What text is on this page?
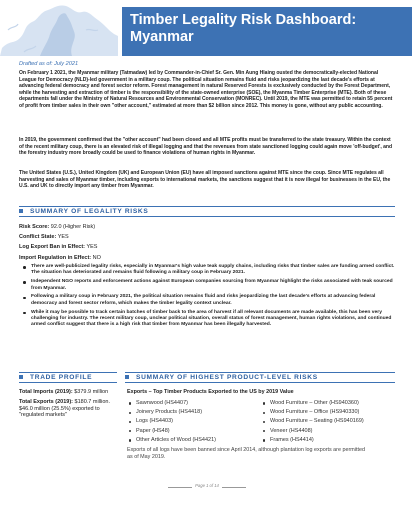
Timber Legality Risk Dashboard: Myanmar
Drafted as of: July 2021
On February 1 2021, the Myanmar military (Tatmadaw) led by Commander-in-Chief Sr. Gen. Min Aung Hlaing ousted the democratically-elected National League for Democracy (NLD)-led government in a military coup. The political situation remains fluid and risks jeopardizing the last decade's efforts at advancing federal democracy and forest sector reform. Forest management in natural Reserved Forests is exclusively conducted by the Forest Department, while the harvesting and extraction of timber is the responsibility of the state-owned enterprise (SOE), the Myanma Timber Enterprise (MTE). Both of these departments fall under the Ministry of Natural Resources and Environmental Conservation (MONREC). Until 2019, the MTE was permitted to retain 55 percent of profit from timber sales in their own "other account," estimated at more than $2 billion since 2012. This money is gone, without any public accounting.
In 2019, the government confirmed that the "other account" had been closed and all MTE profits must be transferred to the state treasury. Within the context of the recent military coup, there is an elevated risk of illegal logging and that the revenues from state sanctioned logging could again move 'off-budget', and the forestry industry more broadly could be used to finance violations of human rights in Myanmar.
The United States (U.S.), United Kingdom (UK) and European Union (EU) have all imposed sanctions against MTE since the coup. Since MTE regulates all harvesting and sales of Myanmar timber, including exports to international markets, the sanctions suggest that it is now illegal for businesses in the EU, the U.S. and UK to directly import any timber from Myanmar.
SUMMARY OF LEGALITY RISKS
Risk Score: 92.0 (Higher Risk)
Conflict State: YES
Log Export Ban in Effect: YES
Import Regulation in Effect: NO
There are well-publicized legality risks, especially in Myanmar's high value teak supply chains, including risks that timber sales are funding armed conflict. The situation has deteriorated and remains fluid following a military coup in February 2021.
Independent NGO reports and enforcement actions against European companies sourcing from Myanmar highlight the risks associated with teak sourced from Myanmar.
Following a military coup in February 2021, the political situation remains fluid and risks jeopardizing the last decade's efforts at advancing federal democracy and forest sector reform, which makes the timber legality context unclear.
While it may be possible to track certain batches of timber back to the area of harvest if all relevant documents are made available, this has been very challenging for industry. The recent military coup, unclear political situation, overall status of forest management, human rights violations, and continued armed conflict suggest that there is a high risk that timber from Myanmar has been illegally harvested.
TRADE PROFILE	SUMMARY OF HIGHEST PRODUCT-LEVEL RISKS
Total Imports (2019): $379.9 million
Total Exports (2019): $180.7 million. $46.0 million (25.5%) exported to "regulated markets"
Exports – Top Timber Products Exported to the US by 2019 Value
Sawnwood (HS4407)
Joinery Products (HS4418)
Logs (HS4403)
Paper (HS48)
Other Articles of Wood (HS4421)
Wood Furniture – Other (HS940360)
Wood Furniture – Office (HS940330)
Wood Furniture – Seating (HS940169)
Veneer (HS4408)
Frames (HS4414)
Exports of all logs have been banned since April 2014, although plantation log exports are permitted as of May 2019.
Page 1 of 14
